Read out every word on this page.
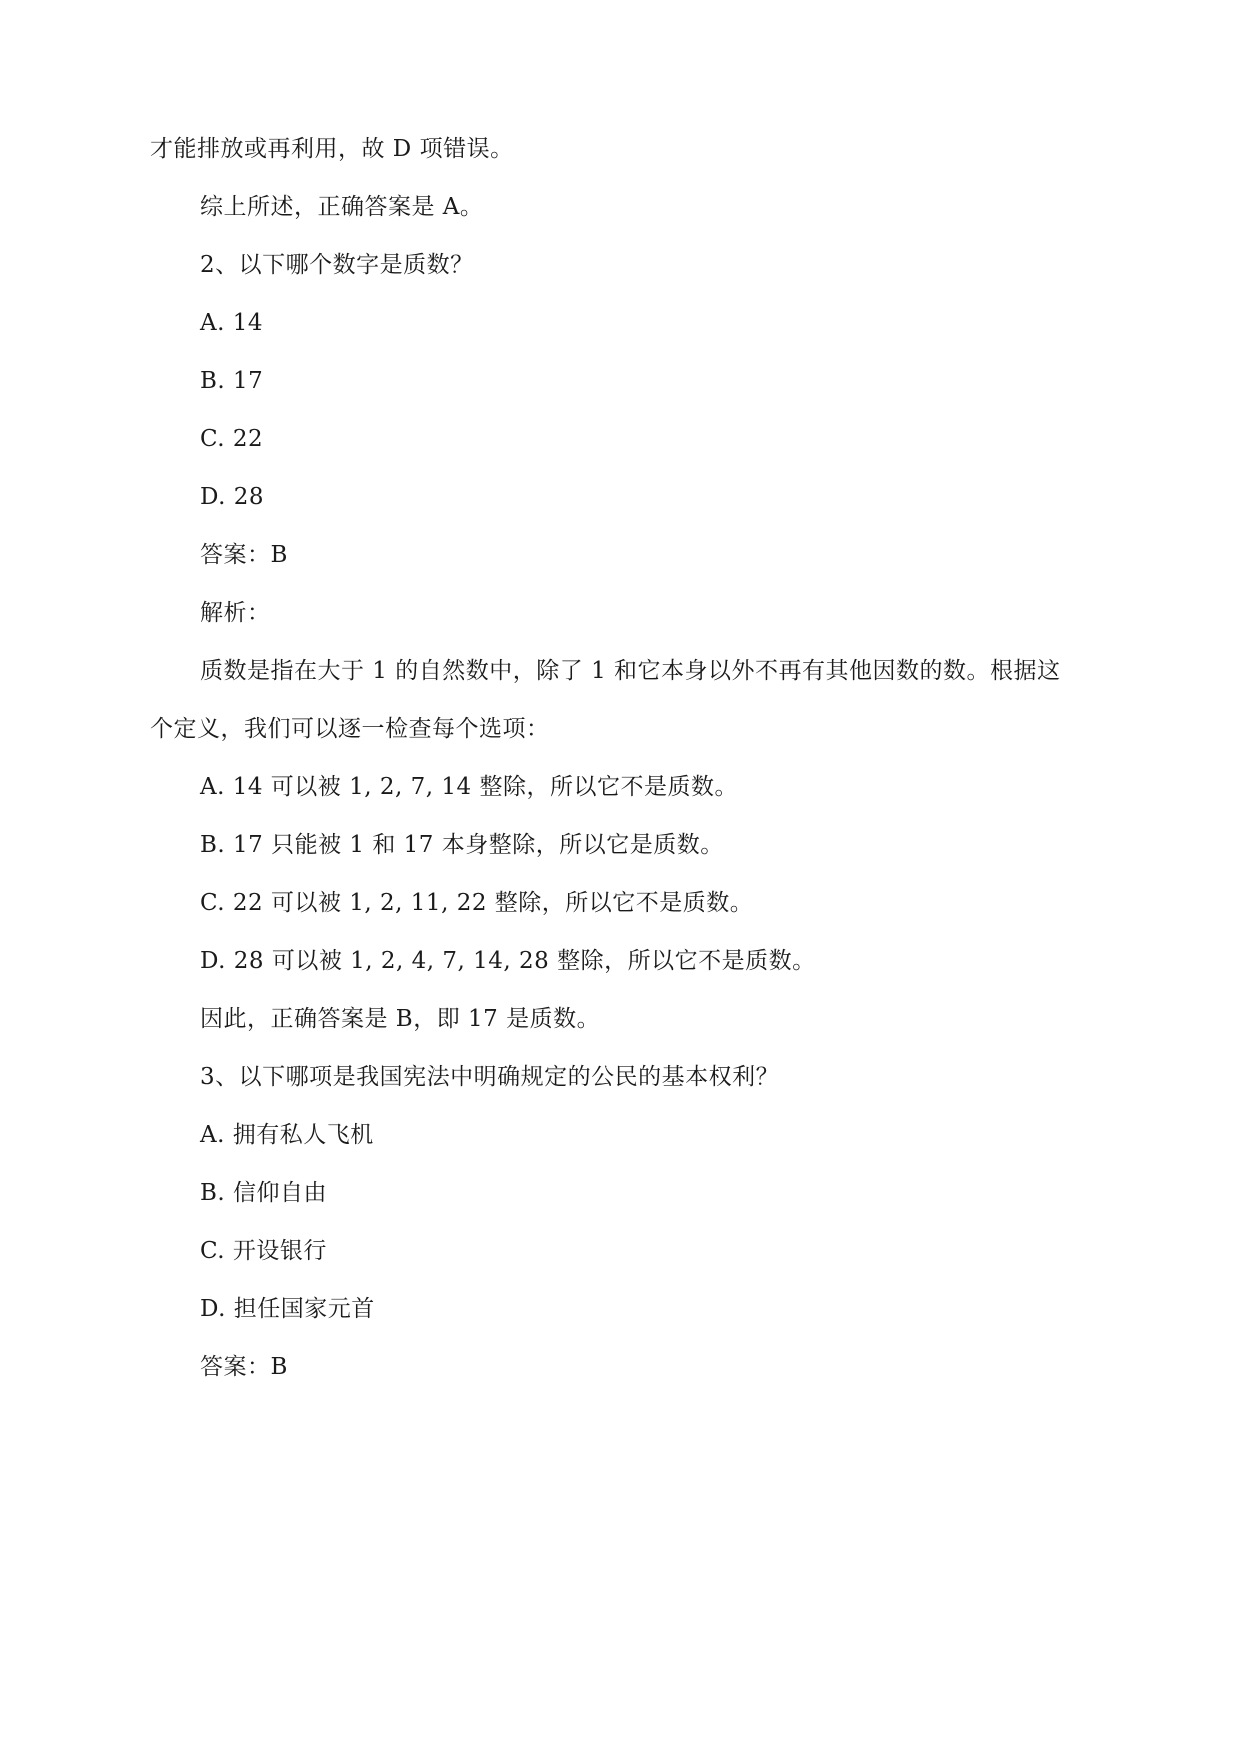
才能排放或再利用，故 D 项错误。
综上所述，正确答案是 A。
2、以下哪个数字是质数？
A. 14
B. 17
C. 22
D. 28
答案：B
解析：
质数是指在大于 1 的自然数中，除了 1 和它本身以外不再有其他因数的数。根据这
个定义，我们可以逐一检查每个选项：
A. 14 可以被 1, 2, 7, 14 整除，所以它不是质数。
B. 17 只能被 1 和 17 本身整除，所以它是质数。
C. 22 可以被 1, 2, 11, 22 整除，所以它不是质数。
D. 28 可以被 1, 2, 4, 7, 14, 28 整除，所以它不是质数。
因此，正确答案是 B，即 17 是质数。
3、以下哪项是我国宪法中明确规定的公民的基本权利？
A. 拥有私人飞机
B. 信仰自由
C. 开设银行
D. 担任国家元首
答案：B
